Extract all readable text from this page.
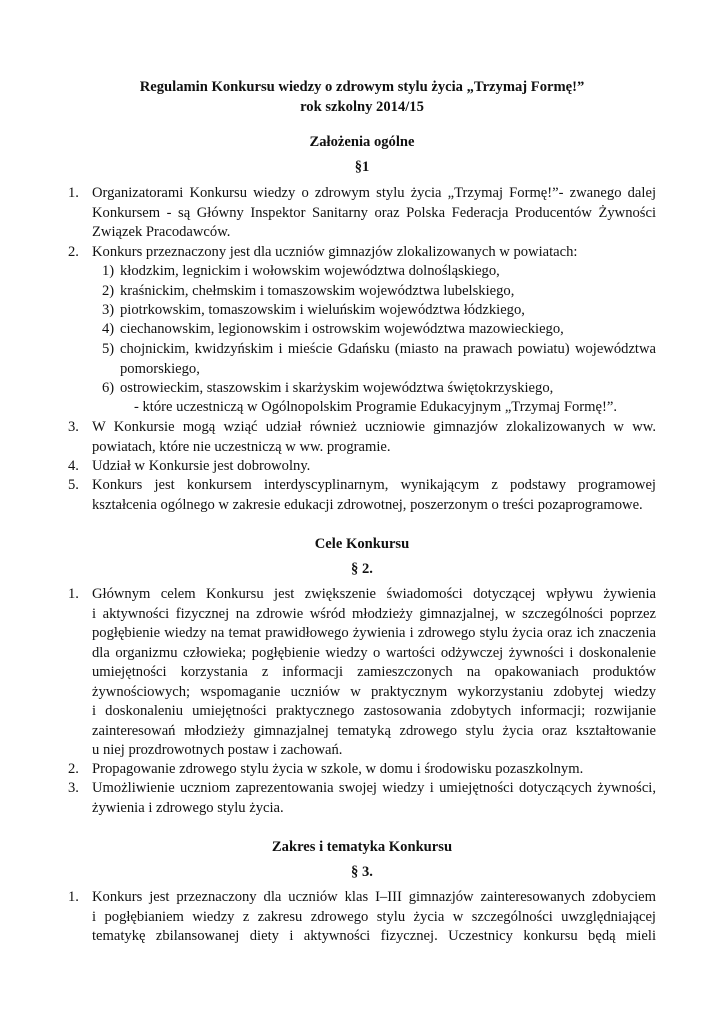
Regulamin Konkursu wiedzy o zdrowym stylu życia „Trzymaj Formę!”
rok szkolny 2014/15
Założenia ogólne
§1
1. Organizatorami Konkursu wiedzy o zdrowym stylu życia „Trzymaj Formę!”- zwanego dalej
Konkursem - są Główny Inspektor Sanitarny oraz Polska Federacja Producentów Żywności
Związek Pracodawców.
2. Konkurs przeznaczony jest dla uczniów gimnazjów zlokalizowanych w powiatach:
1) kłodzkim, legnickim i wołowskim województwa dolnośląskiego,
2) kraśnickim, chełmskim i tomaszowskim województwa lubelskiego,
3) piotrkowskim, tomaszowskim i wieluńskim województwa łódzkiego,
4) ciechanowskim, legionowskim i ostrowskim województwa mazowieckiego,
5) chojnickim, kwidzyńskim i mieście Gdańsku (miasto na prawach powiatu) województwa
pomorskiego,
6) ostrowieckim, staszowskim i skarżyskim województwa świętokrzyskiego,
- które uczestniczą w Ogólnopolskim Programie Edukacyjnym „Trzymaj Formę!”.
3. W Konkursie mogą wziąć udział również uczniowie gimnazjów zlokalizowanych w ww.
powiatach, które nie uczestniczą w ww. programie.
4. Udział w Konkursie jest dobrowolny.
5. Konkurs jest konkursem interdyscyplinarnym, wynikającym z podstawy programowej
kształcenia ogólnego w zakresie edukacji zdrowotnej, poszerzonym o treści pozaprogramowe.
Cele Konkursu
§ 2.
1. Głównym celem Konkursu jest zwiększenie świadomości dotyczącej wpływu żywienia
i aktywności fizycznej na zdrowie wśród młodzieży gimnazjalnej, w szczególności poprzez
pogłębienie wiedzy na temat prawidłowego żywienia i zdrowego stylu życia oraz ich znaczenia
dla organizmu człowieka; pogłębienie wiedzy o wartości odżywczej żywności i doskonalenie
umiejętności korzystania z informacji zamieszczonych na opakowaniach produktów
żywnościowych; wspomaganie uczniów w praktycznym wykorzystaniu zdobytej wiedzy
i doskonaleniu umiejętności praktycznego zastosowania zdobytych informacji; rozwijanie
zainteresowań młodzieży gimnazjalnej tematyką zdrowego stylu życia oraz kształtowanie
u niej prozdrowotnych postaw i zachowań.
2. Propagowanie zdrowego stylu życia w szkole, w domu i środowisku pozaszkolnym.
3. Umożliwienie uczniom zaprezentowania swojej wiedzy i umiejętności dotyczących żywności,
żywienia i zdrowego stylu życia.
Zakres i tematyka Konkursu
§ 3.
1. Konkurs jest przeznaczony dla uczniów klas I–III gimnazjów zainteresowanych zdobyciem
i pogłębianiem wiedzy z zakresu zdrowego stylu życia w szczególności uwzględniającej
tematykę zbilansowanej diety i aktywności fizycznej. Uczestnicy konkursu będą mieli
